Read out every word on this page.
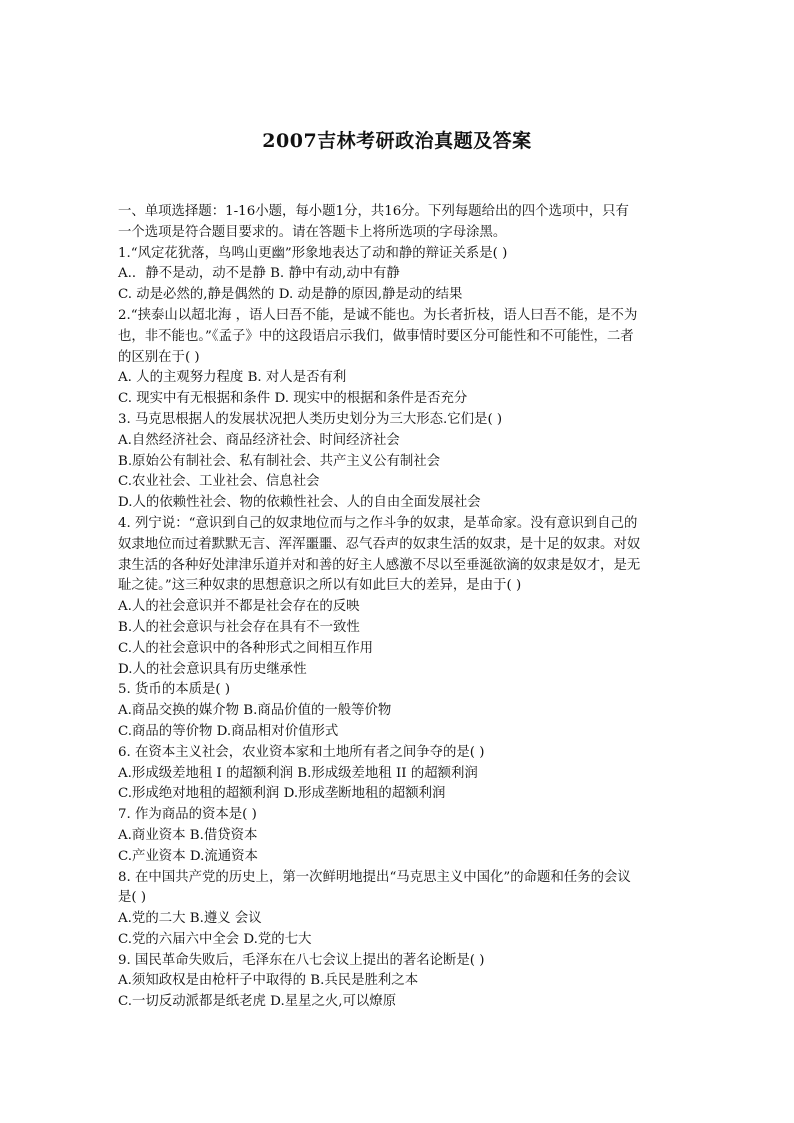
2007吉林考研政治真题及答案
一、单项选择题：1-16小题，每小题1分，共16分。下列每题给出的四个选项中，只有
一个选项是符合题目要求的。请在答题卡上将所选项的字母涂黑。
1.“风定花犹落，鸟鸣山更幽”形象地表达了动和静的辩证关系是( )
A.．静不是动，动不是静 B. 静中有动,动中有静
C. 动是必然的,静是偶然的 D. 动是静的原因,静是动的结果
2.“挟泰山以超北海 ，语人曰吾不能，是诚不能也。为长者折枝，语人曰吾不能，是不为
也，非不能也。”《孟子》中的这段语启示我们，做事情时要区分可能性和不可能性，二者
的区别在于( )
A. 人的主观努力程度 B. 对人是否有利
C. 现实中有无根据和条件 D. 现实中的根据和条件是否充分
3. 马克思根据人的发展状况把人类历史划分为三大形态.它们是( )
A.自然经济社会、商品经济社会、时间经济社会
B.原始公有制社会、私有制社会、共产主义公有制社会
C.农业社会、工业社会、信息社会
D.人的依赖性社会、物的依赖性社会、人的自由全面发展社会
4. 列宁说：“意识到自己的奴隶地位而与之作斗争的奴隶，是革命家。没有意识到自己的
奴隶地位而过着默默无言、浑浑噩噩、忍气吞声的奴隶生活的奴隶，是十足的奴隶。对奴
隶生活的各种好处津津乐道并对和善的好主人感激不尽以至垂涎欲滴的奴隶是奴才，是无
耻之徒。”这三种奴隶的思想意识之所以有如此巨大的差异，是由于( )
A.人的社会意识并不都是社会存在的反映
B.人的社会意识与社会存在具有不一致性
C.人的社会意识中的各种形式之间相互作用
D.人的社会意识具有历史继承性
5. 货币的本质是( )
A.商品交换的媒介物 B.商品价值的一般等价物
C.商品的等价物 D.商品相对价值形式
6. 在资本主义社会，农业资本家和土地所有者之间争夺的是( )
A.形成级差地租 I 的超额利润 B.形成级差地租 II 的超额利润
C.形成绝对地租的超额利润 D.形成垄断地租的超额利润
7. 作为商品的资本是( )
A.商业资本 B.借贷资本
C.产业资本 D.流通资本
8. 在中国共产党的历史上，第一次鲜明地提出“马克思主义中国化”的命题和任务的会议
是( )
A.党的二大 B.遵义 会议
C.党的六届六中全会 D.党的七大
9. 国民革命失败后，毛泽东在八七会议上提出的著名论断是( )
A.须知政权是由枪杆子中取得的 B.兵民是胜利之本
C.一切反动派都是纸老虎 D.星星之火,可以燎原
